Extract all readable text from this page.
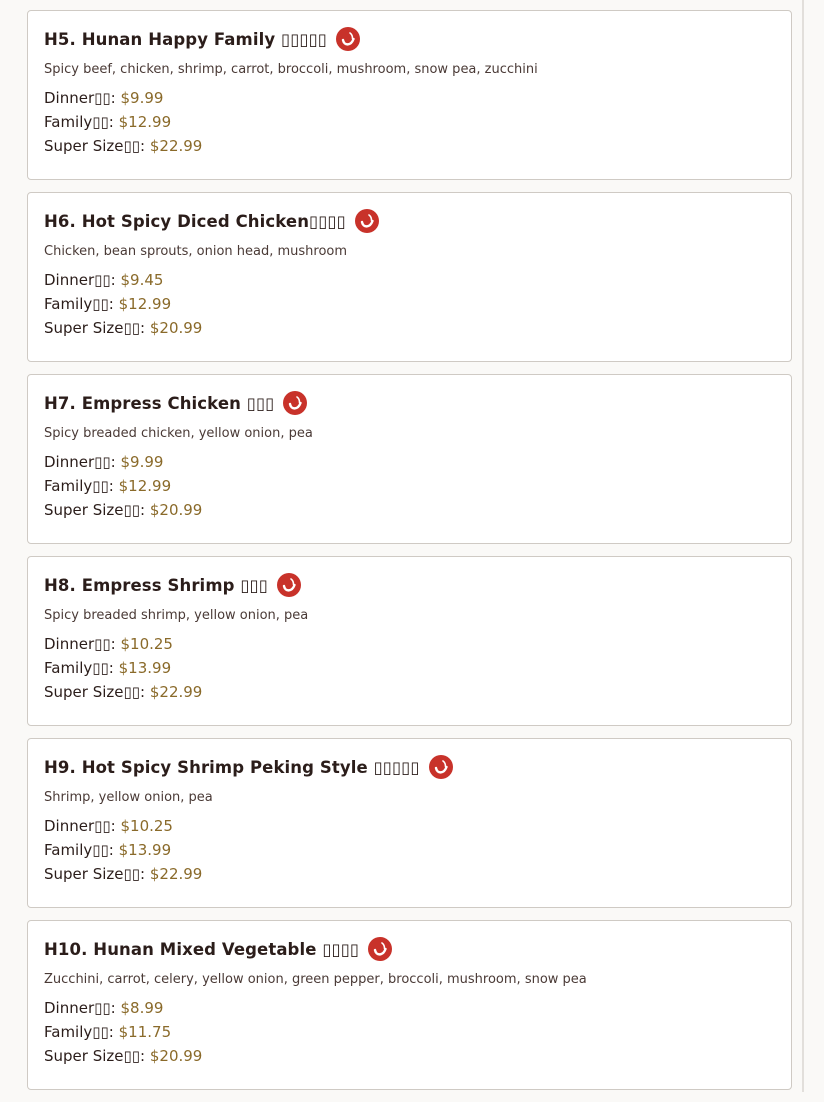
H5. Hunan Happy Family ▯▯▯▯▯
Spicy beef, chicken, shrimp, carrot, broccoli, mushroom, snow pea, zucchini
Dinner▯▯: $9.99
Family▯▯: $12.99
Super Size▯▯: $22.99
H6. Hot Spicy Diced Chicken▯▯▯▯
Chicken, bean sprouts, onion head, mushroom
Dinner▯▯: $9.45
Family▯▯: $12.99
Super Size▯▯: $20.99
H7. Empress Chicken ▯▯▯
Spicy breaded chicken, yellow onion, pea
Dinner▯▯: $9.99
Family▯▯: $12.99
Super Size▯▯: $20.99
H8. Empress Shrimp ▯▯▯
Spicy breaded shrimp, yellow onion, pea
Dinner▯▯: $10.25
Family▯▯: $13.99
Super Size▯▯: $22.99
H9. Hot Spicy Shrimp Peking Style ▯▯▯▯▯
Shrimp, yellow onion, pea
Dinner▯▯: $10.25
Family▯▯: $13.99
Super Size▯▯: $22.99
H10. Hunan Mixed Vegetable ▯▯▯▯
Zucchini, carrot, celery, yellow onion, green pepper, broccoli, mushroom, snow pea
Dinner▯▯: $8.99
Family▯▯: $11.75
Super Size▯▯: $20.99
